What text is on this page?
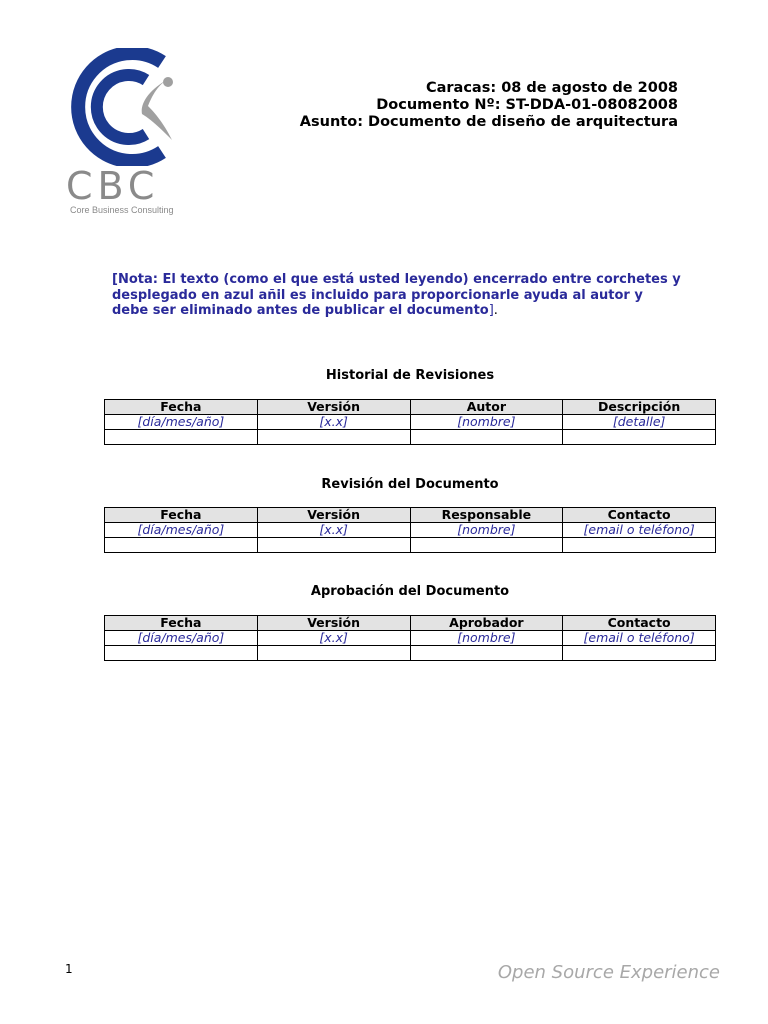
CBC
Core Business Consulting
Caracas: 08 de agosto de 2008
Documento Nº: ST-DDA-01-08082008
Asunto: Documento de diseño de arquitectura
[Nota: El texto (como el que está usted leyendo) encerrado entre corchetes y desplegado en azul añil es incluido para proporcionarle ayuda al autor y debe ser eliminado antes de publicar el documento].
Historial de Revisiones
Fecha	Versión	Autor	Descripción
[día/mes/año]	[x.x]	[nombre]	[detalle]

Revisión del Documento
Fecha	Versión	Responsable	Contacto
[día/mes/año]	[x.x]	[nombre]	[email o teléfono]

Aprobación del Documento
Fecha	Versión	Aprobador	Contacto
[día/mes/año]	[x.x]	[nombre]	[email o teléfono]

1	Open Source Experience
